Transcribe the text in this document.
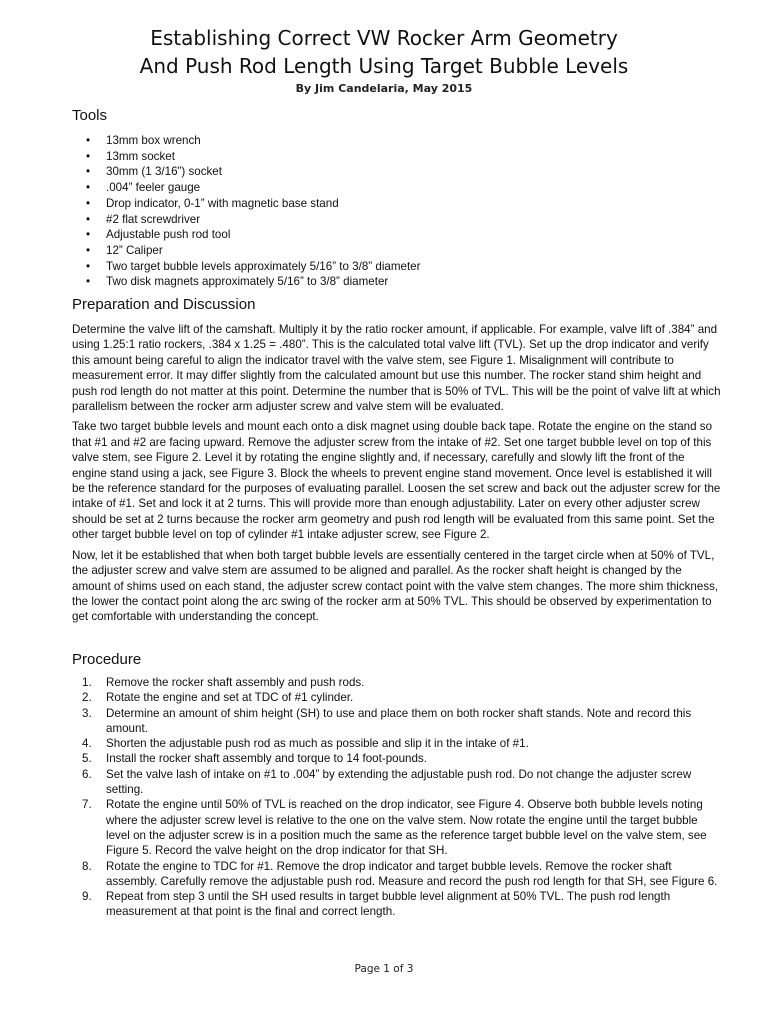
Establishing Correct VW Rocker Arm Geometry
And Push Rod Length Using Target Bubble Levels
By Jim Candelaria, May 2015
Tools
• 13mm box wrench
• 13mm socket
• 30mm (1 3/16”) socket
• .004” feeler gauge
• Drop indicator, 0-1” with magnetic base stand
• #2 flat screwdriver
• Adjustable push rod tool
• 12” Caliper
• Two target bubble levels approximately 5/16” to 3/8” diameter
• Two disk magnets approximately 5/16” to 3/8” diameter
Preparation and Discussion

Determine the valve lift of the camshaft. Multiply it by the ratio rocker amount, if applicable. For example, valve lift of .384” and using 1.25:1 ratio rockers, .384 x 1.25 = .480”. This is the calculated total valve lift (TVL). Set up the drop indicator and verify this amount being careful to align the indicator travel with the valve stem, see Figure 1. Misalignment will contribute to measurement error. It may differ slightly from the calculated amount but use this number. The rocker stand shim height and push rod length do not matter at this point. Determine the number that is 50% of TVL. This will be the point of valve lift at which parallelism between the rocker arm adjuster screw and valve stem will be evaluated.

Take two target bubble levels and mount each onto a disk magnet using double back tape. Rotate the engine on the stand so that #1 and #2 are facing upward. Remove the adjuster screw from the intake of #2. Set one target bubble level on top of this valve stem, see Figure 2. Level it by rotating the engine slightly and, if necessary, carefully and slowly lift the front of the engine stand using a jack, see Figure 3. Block the wheels to prevent engine stand movement. Once level is established it will be the reference standard for the purposes of evaluating parallel. Loosen the set screw and back out the adjuster screw for the intake of #1. Set and lock it at 2 turns. This will provide more than enough adjustability. Later on every other adjuster screw should be set at 2 turns because the rocker arm geometry and push rod length will be evaluated from this same point. Set the other target bubble level on top of cylinder #1 intake adjuster screw, see Figure 2.

Now, let it be established that when both target bubble levels are essentially centered in the target circle when at 50% of TVL, the adjuster screw and valve stem are assumed to be aligned and parallel. As the rocker shaft height is changed by the amount of shims used on each stand, the adjuster screw contact point with the valve stem changes. The more shim thickness, the lower the contact point along the arc swing of the rocker arm at 50% TVL. This should be observed by experimentation to get comfortable with understanding the concept.

Procedure
1. Remove the rocker shaft assembly and push rods.
2. Rotate the engine and set at TDC of #1 cylinder.
3. Determine an amount of shim height (SH) to use and place them on both rocker shaft stands. Note and record this amount.
4. Shorten the adjustable push rod as much as possible and slip it in the intake of #1.
5. Install the rocker shaft assembly and torque to 14 foot-pounds.
6. Set the valve lash of intake on #1 to .004” by extending the adjustable push rod. Do not change the adjuster screw setting.
7. Rotate the engine until 50% of TVL is reached on the drop indicator, see Figure 4. Observe both bubble levels noting where the adjuster screw level is relative to the one on the valve stem. Now rotate the engine until the target bubble level on the adjuster screw is in a position much the same as the reference target bubble level on the valve stem, see Figure 5. Record the valve height on the drop indicator for that SH.
8. Rotate the engine to TDC for #1. Remove the drop indicator and target bubble levels. Remove the rocker shaft assembly. Carefully remove the adjustable push rod. Measure and record the push rod length for that SH, see Figure 6.
9. Repeat from step 3 until the SH used results in target bubble level alignment at 50% TVL. The push rod length measurement at that point is the final and correct length.
Page 1 of 3
